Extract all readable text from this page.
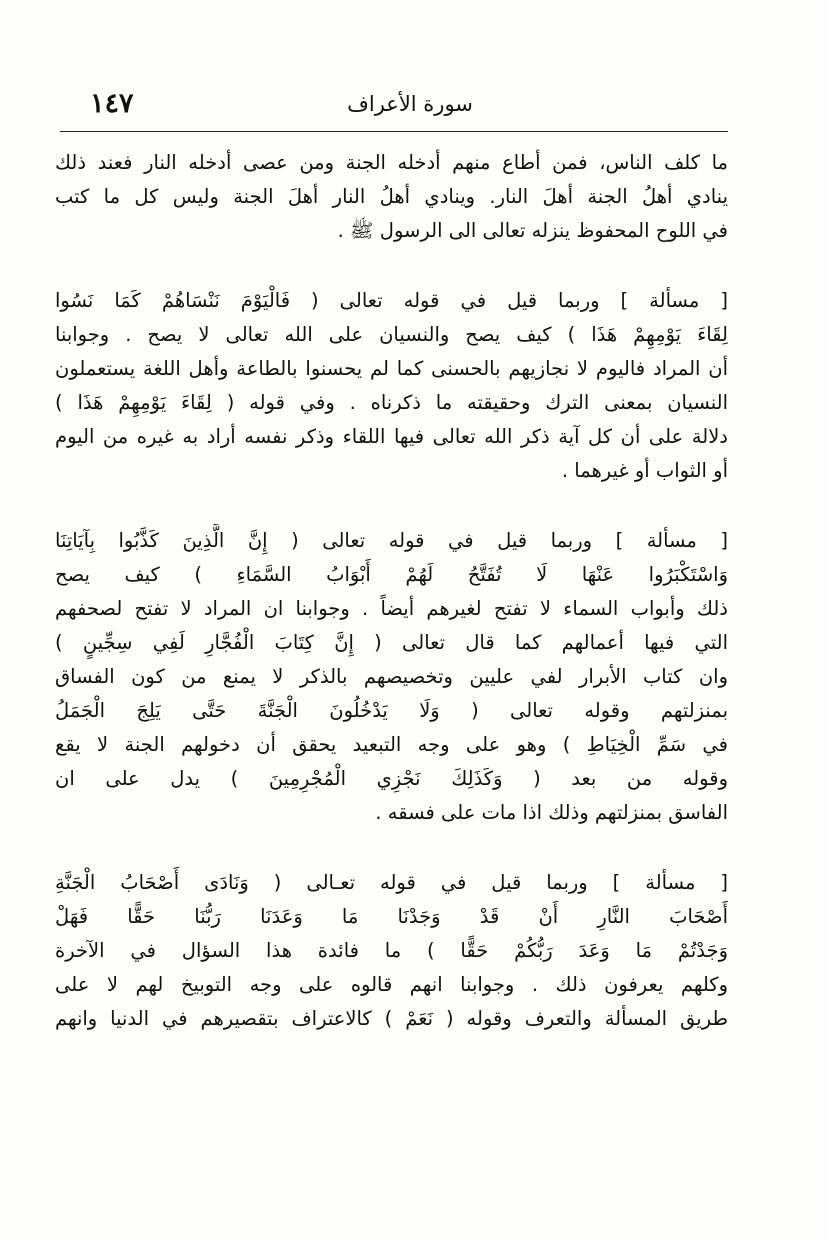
١٤٧	سورة الأعراف
ما كلف الناس، فمن أطاع منهم أدخله الجنة ومن عصى أدخله النار فعند ذلك
ينادي أهلُ الجنة أهلَ النار. وينادي أهلُ النار أهلَ الجنة وليس كل ما كتب
في اللوح المحفوظ ينزله تعالى الى الرسول ﷺ .
[ مسألة ] وربما قيل في قوله تعالى ( فَالْيَوْمَ نَنْسَاهُمْ كَمَا نَسُوا
لِقَاءَ يَوْمِهِمْ هَذَا ) كيف يصح والنسيان على الله تعالى لا يصح . وجوابنا
أن المراد فاليوم لا نجازيهم بالحسنى كما لم يحسنوا بالطاعة وأهل اللغة يستعملون
النسيان بمعنى الترك وحقيقته ما ذكرناه . وفي قوله ( لِقَاءَ يَوْمِهِمْ هَذَا )
دلالة على أن كل آية ذكر الله تعالى فيها اللقاء وذكر نفسه أراد به غيره من اليوم
أو الثواب أو غيرهما .
[ مسألة ] وربما قيل في قوله تعالى ( إِنَّ الَّذِينَ كَذَّبُوا بِآيَاتِنَا
وَاسْتَكْبَرُوا عَنْهَا لَا تُفَتَّحُ لَهُمْ أَبْوَابُ السَّمَاءِ ) كيف يصح
ذلك وأبواب السماء لا تفتح لغيرهم أيضاً . وجوابنا ان المراد لا تفتح لصحفهم
التي فيها أعمالهم كما قال تعالى ( إِنَّ كِتَابَ الْفُجَّارِ لَفِي سِجِّينٍ )
وان كتاب الأبرار لفي عليين وتخصيصهم بالذكر لا يمنع من كون الفساق
بمنزلتهم وقوله تعالى ( وَلَا يَدْخُلُونَ الْجَنَّةَ حَتَّى يَلِجَ الْجَمَلُ
في سَمِّ الْخِيَاطِ ) وهو على وجه التبعيد يحقق أن دخولهم الجنة لا يقع
وقوله من بعد ( وَكَذَلِكَ نَجْزِي الْمُجْرِمِينَ ) يدل على ان
الفاسق بمنزلتهم وذلك اذا مات على فسقه .
[ مسألة ] وربما قيل في قوله تعـالى ( وَنَادَى أَصْحَابُ الْجَنَّةِ
أَصْحَابَ النَّارِ أَنْ قَدْ وَجَدْنَا مَا وَعَدَنَا رَبُّنَا حَقًّا فَهَلْ
وَجَدْتُمْ مَا وَعَدَ رَبُّكُمْ حَقًّا ) ما فائدة هذا السؤال في الآخرة
وكلهم يعرفون ذلك . وجوابنا انهم قالوه على وجه التوبيخ لهم لا على
طريق المسألة والتعرف وقوله ( نَعَمْ ) كالاعتراف بتقصيرهم في الدنيا وانهم
